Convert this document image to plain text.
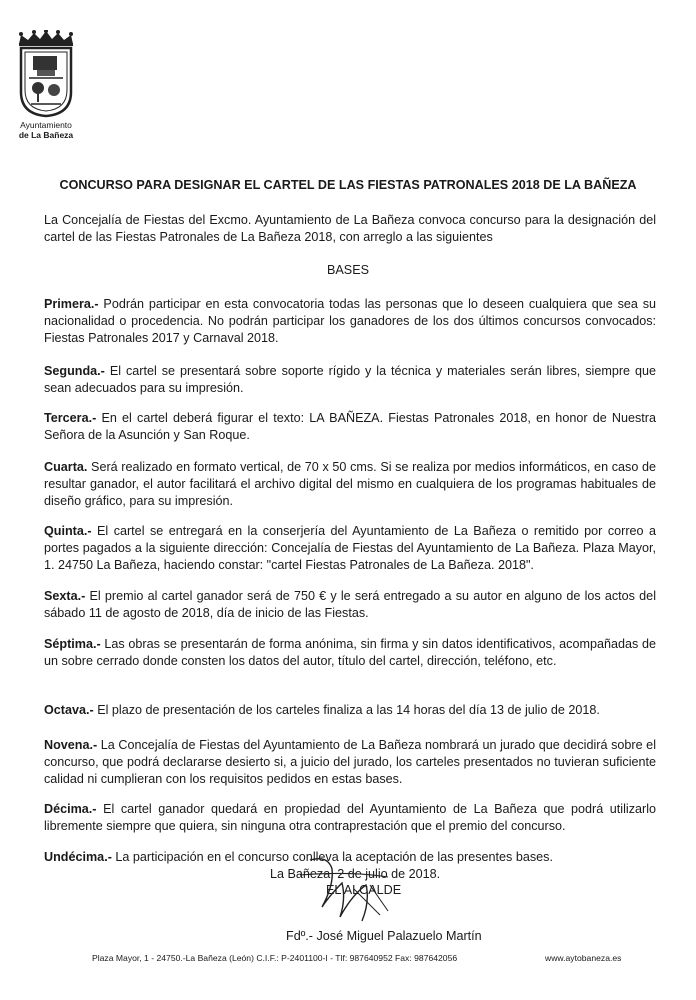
Ayuntamiento
de La Bañeza
CONCURSO PARA DESIGNAR EL CARTEL DE LAS FIESTAS PATRONALES 2018 DE LA BAÑEZA
La Concejalía de Fiestas del Excmo. Ayuntamiento de La Bañeza convoca concurso para la designación del cartel de las Fiestas Patronales de La Bañeza 2018, con arreglo a las siguientes
BASES
Primera.- Podrán participar en esta convocatoria todas las personas que lo deseen cualquiera que sea su nacionalidad o procedencia. No podrán participar los ganadores de los dos últimos concursos convocados: Fiestas Patronales 2017 y Carnaval 2018.
Segunda.- El cartel se presentará sobre soporte rígido y la técnica y materiales serán libres, siempre que sean adecuados para su impresión.
Tercera.- En el cartel deberá figurar el texto: LA BAÑEZA. Fiestas Patronales 2018, en honor de Nuestra Señora de la Asunción y San Roque.
Cuarta. Será realizado en formato vertical, de 70 x 50 cms. Si se realiza por medios informáticos, en caso de resultar ganador, el autor facilitará el archivo digital del mismo en cualquiera de los programas habituales de diseño gráfico, para su impresión.
Quinta.- El cartel se entregará en la conserjería del Ayuntamiento de La Bañeza o remitido por correo a portes pagados a la siguiente dirección: Concejalía de Fiestas del Ayuntamiento de La Bañeza. Plaza Mayor, 1. 24750 La Bañeza, haciendo constar: "cartel Fiestas Patronales de La Bañeza. 2018".
Sexta.- El premio al cartel ganador será de 750 € y le será entregado a su autor en alguno de los actos del sábado 11 de agosto de 2018, día de inicio de las Fiestas.
Séptima.- Las obras se presentarán de forma anónima, sin firma y sin datos identificativos, acompañadas de un sobre cerrado donde consten los datos del autor, título del cartel, dirección, teléfono, etc.
Octava.- El plazo de presentación de los carteles finaliza a las 14 horas del día 13 de julio de 2018.
Novena.- La Concejalía de Fiestas del Ayuntamiento de La Bañeza nombrará un jurado que decidirá sobre el concurso, que podrá declararse desierto si, a juicio del jurado, los carteles presentados no tuvieran suficiente calidad ni cumplieran con los requisitos pedidos en estas bases.
Décima.- El cartel ganador quedará en propiedad del Ayuntamiento de La Bañeza que podrá utilizarlo libremente siempre que quiera, sin ninguna otra contraprestación que el premio del concurso.
Undécima.- La participación en el concurso conlleva la aceptación de las presentes bases.
La Bañeza, 2 de julio de 2018.
EL ALCALDE
Fdº.- José Miguel Palazuelo Martín
Plaza Mayor, 1 - 24750.-La Bañeza (León) C.I.F.: P-2401100-I - Tlf: 987640952 Fax: 987642056	www.aytobaneza.es
